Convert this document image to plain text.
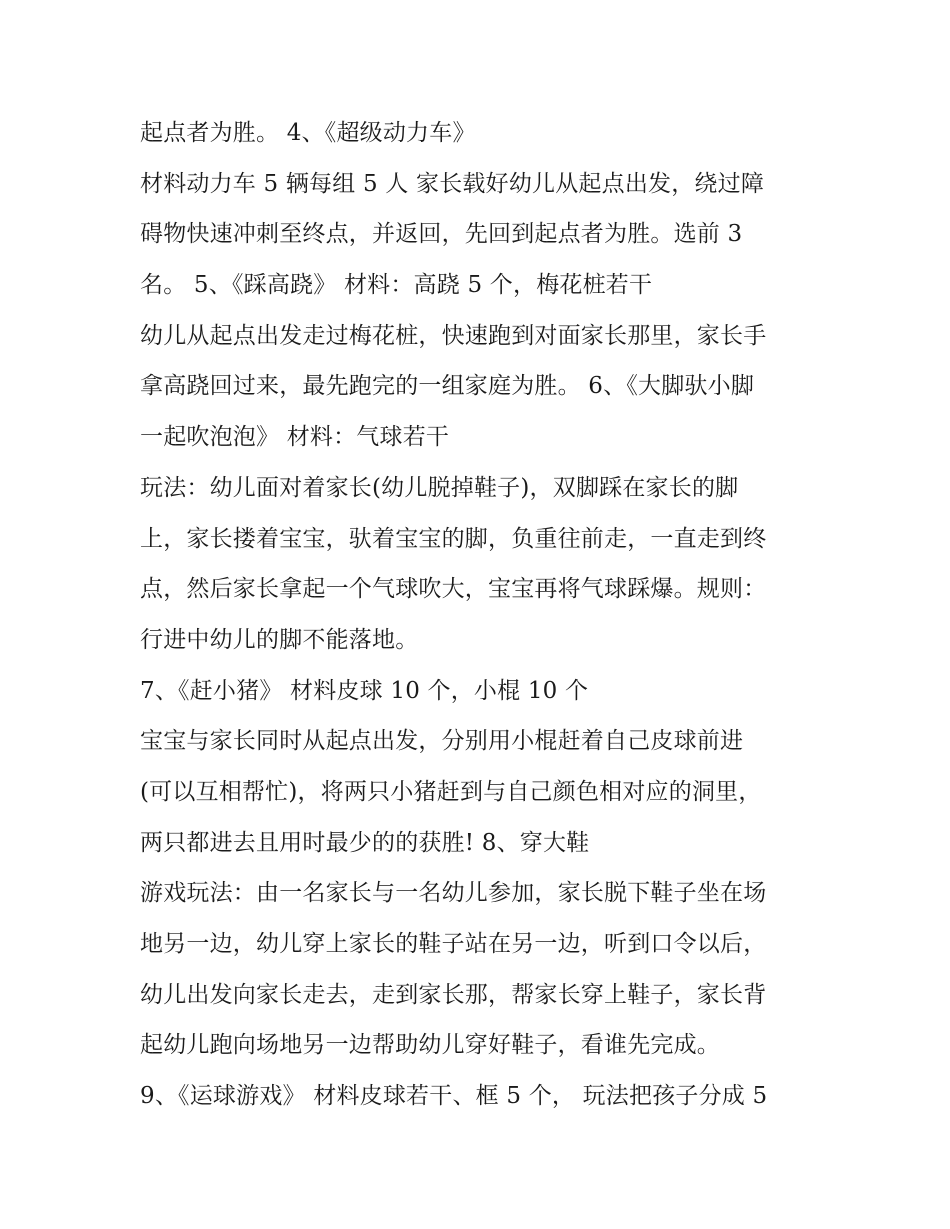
起点者为胜。 4、《超级动力车》
材料动力车 5 辆每组 5 人 家长载好幼儿从起点出发，绕过障
碍物快速冲刺至终点，并返回，先回到起点者为胜。选前 3
名。 5、《踩高跷》 材料：高跷 5 个，梅花桩若干
幼儿从起点出发走过梅花桩，快速跑到对面家长那里，家长手
拿高跷回过来，最先跑完的一组家庭为胜。 6、《大脚驮小脚
一起吹泡泡》 材料：气球若干
玩法：幼儿面对着家长(幼儿脱掉鞋子)，双脚踩在家长的脚
上，家长搂着宝宝，驮着宝宝的脚，负重往前走，一直走到终
点，然后家长拿起一个气球吹大，宝宝再将气球踩爆。规则：
行进中幼儿的脚不能落地。
7、《赶小猪》 材料皮球 10 个，小棍 10 个
宝宝与家长同时从起点出发，分别用小棍赶着自己皮球前进
(可以互相帮忙)，将两只小猪赶到与自己颜色相对应的洞里，
两只都进去且用时最少的的获胜! 8、穿大鞋
游戏玩法：由一名家长与一名幼儿参加，家长脱下鞋子坐在场
地另一边，幼儿穿上家长的鞋子站在另一边，听到口令以后，
幼儿出发向家长走去，走到家长那，帮家长穿上鞋子，家长背
起幼儿跑向场地另一边帮助幼儿穿好鞋子，看谁先完成。
9、《运球游戏》 材料皮球若干、框 5 个， 玩法把孩子分成 5
